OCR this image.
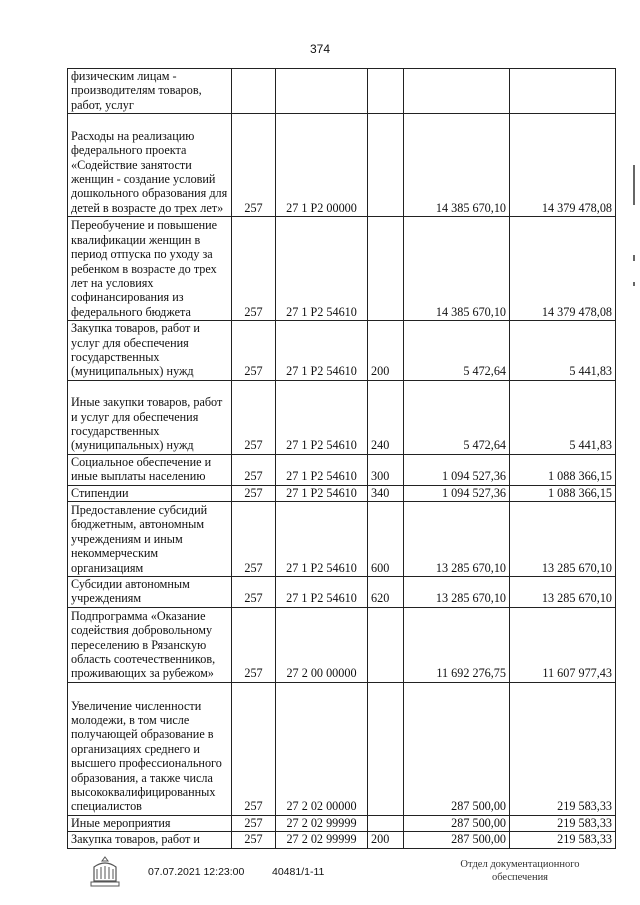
374
физическим лицам - производителям товаров, работ, услуг					
Расходы на реализацию федерального проекта «Содействие занятости женщин - создание условий дошкольного образования для детей в возрасте до трех лет»	257	27 1 P2 00000		14 385 670,10	14 379 478,08
Переобучение и повышение квалификации женщин в период отпуска по уходу за ребенком в возрасте до трех лет на условиях софинансирования из федерального бюджета	257	27 1 P2 54610		14 385 670,10	14 379 478,08
Закупка товаров, работ и услуг для обеспечения государственных (муниципальных) нужд	257	27 1 P2 54610	200	5 472,64	5 441,83
Иные закупки товаров, работ и услуг для обеспечения государственных (муниципальных) нужд	257	27 1 P2 54610	240	5 472,64	5 441,83
Социальное обеспечение и иные выплаты населению	257	27 1 P2 54610	300	1 094 527,36	1 088 366,15
Стипендии	257	27 1 P2 54610	340	1 094 527,36	1 088 366,15
Предоставление субсидий бюджетным, автономным учреждениям и иным некоммерческим организациям	257	27 1 P2 54610	600	13 285 670,10	13 285 670,10
Субсидии автономным учреждениям	257	27 1 P2 54610	620	13 285 670,10	13 285 670,10
Подпрограмма «Оказание содействия добровольному переселению в Рязанскую область соотечественников, проживающих за рубежом»	257	27 2 00 00000		11 692 276,75	11 607 977,43
Увеличение численности молодежи, в том числе получающей образование в организациях среднего и высшего профессионального образования, а также числа высококвалифицированных специалистов	257	27 2 02 00000		287 500,00	219 583,33
Иные мероприятия	257	27 2 02 99999		287 500,00	219 583,33
Закупка товаров, работ и	257	27 2 02 99999	200	287 500,00	219 583,33
07.07.2021 12:23:00	40481/1-11
Отдел документационного
обеспечения
